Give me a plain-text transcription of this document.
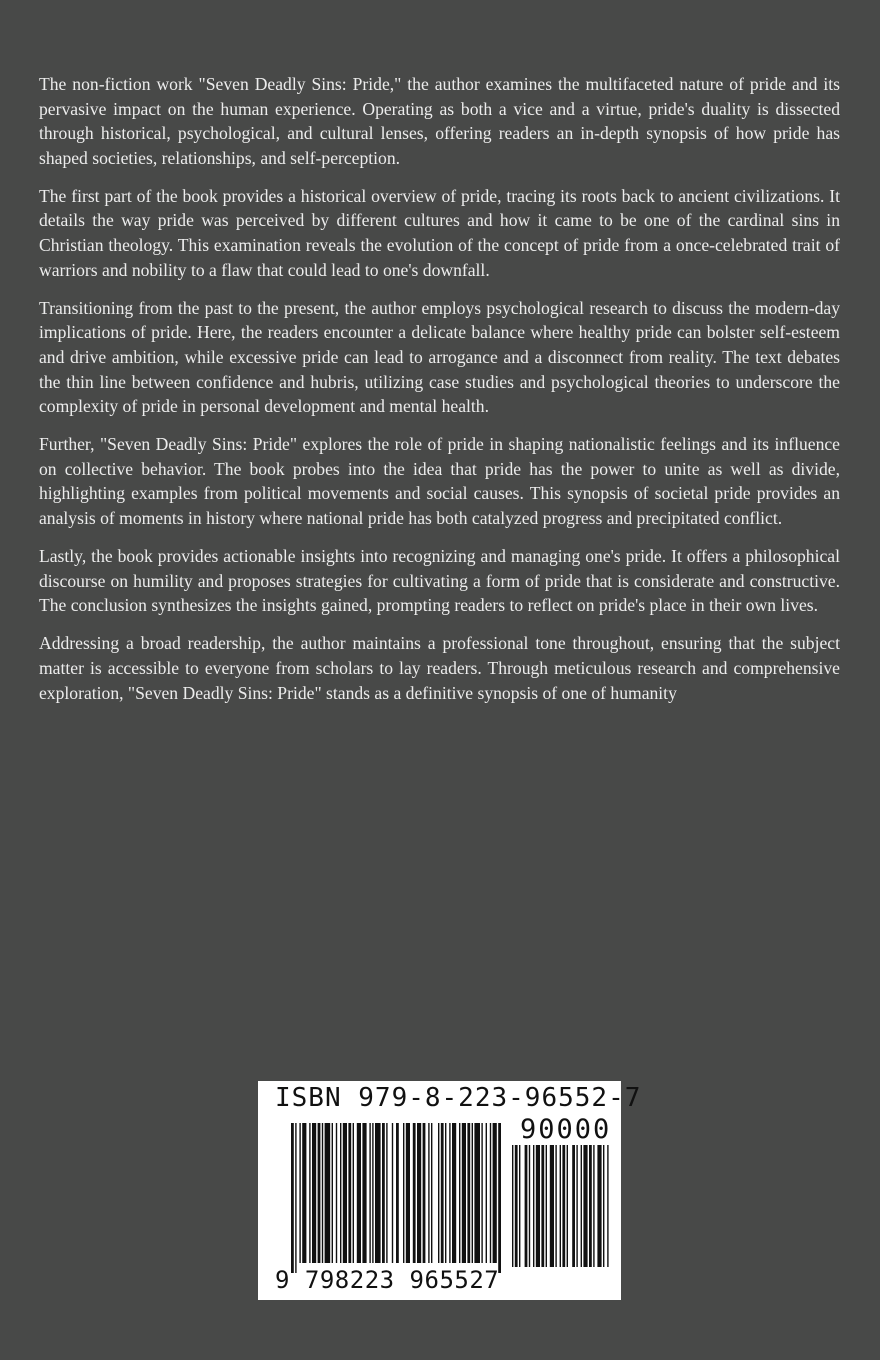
The non-fiction work "Seven Deadly Sins: Pride," the author examines the multifaceted nature of pride and its pervasive impact on the human experience. Operating as both a vice and a virtue, pride's duality is dissected through historical, psychological, and cultural lenses, offering readers an in-depth synopsis of how pride has shaped societies, relationships, and self-perception.

The first part of the book provides a historical overview of pride, tracing its roots back to ancient civilizations. It details the way pride was perceived by different cultures and how it came to be one of the cardinal sins in Christian theology. This examination reveals the evolution of the concept of pride from a once-celebrated trait of warriors and nobility to a flaw that could lead to one's downfall.

Transitioning from the past to the present, the author employs psychological research to discuss the modern-day implications of pride. Here, the readers encounter a delicate balance where healthy pride can bolster self-esteem and drive ambition, while excessive pride can lead to arrogance and a disconnect from reality. The text debates the thin line between confidence and hubris, utilizing case studies and psychological theories to underscore the complexity of pride in personal development and mental health.

Further, "Seven Deadly Sins: Pride" explores the role of pride in shaping nationalistic feelings and its influence on collective behavior. The book probes into the idea that pride has the power to unite as well as divide, highlighting examples from political movements and social causes. This synopsis of societal pride provides an analysis of moments in history where national pride has both catalyzed progress and precipitated conflict.

Lastly, the book provides actionable insights into recognizing and managing one's pride. It offers a philosophical discourse on humility and proposes strategies for cultivating a form of pride that is considerate and constructive. The conclusion synthesizes the insights gained, prompting readers to reflect on pride's place in their own lives.

Addressing a broad readership, the author maintains a professional tone throughout, ensuring that the subject matter is accessible to everyone from scholars to lay readers. Through meticulous research and comprehensive exploration, "Seven Deadly Sins: Pride" stands as a definitive synopsis of one of humanity

ISBN 979-8-223-96552-7
90000
9 798223 965527
